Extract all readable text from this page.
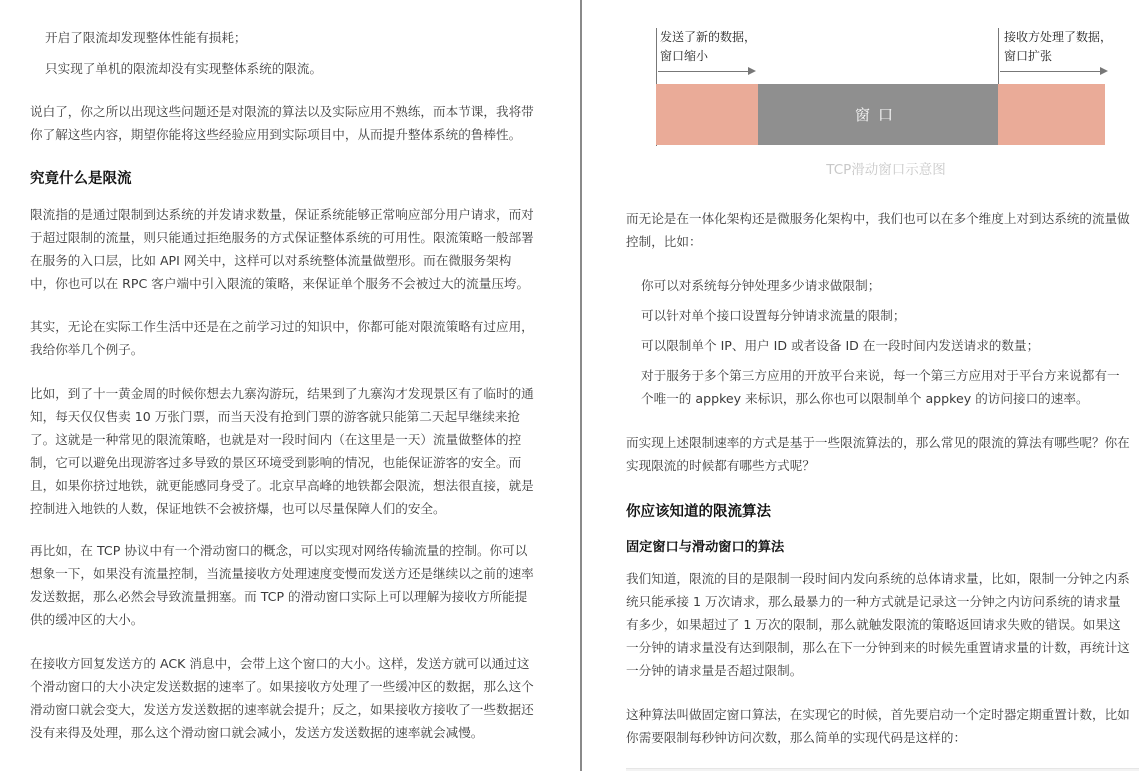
开启了限流却发现整体性能有损耗；
只实现了单机的限流却没有实现整体系统的限流。
说白了，你之所以出现这些问题还是对限流的算法以及实际应用不熟练，而本节课，我将带
你了解这些内容，期望你能将这些经验应用到实际项目中，从而提升整体系统的鲁棒性。
究竟什么是限流
限流指的是通过限制到达系统的并发请求数量，保证系统能够正常响应部分用户请求，而对
于超过限制的流量，则只能通过拒绝服务的方式保证整体系统的可用性。限流策略一般部署
在服务的入口层，比如 API 网关中，这样可以对系统整体流量做塑形。而在微服务架构
中，你也可以在 RPC 客户端中引入限流的策略，来保证单个服务不会被过大的流量压垮。
其实，无论在实际工作生活中还是在之前学习过的知识中，你都可能对限流策略有过应用，
我给你举几个例子。
比如，到了十一黄金周的时候你想去九寨沟游玩，结果到了九寨沟才发现景区有了临时的通
知，每天仅仅售卖 10 万张门票，而当天没有抢到门票的游客就只能第二天起早继续来抢
了。这就是一种常见的限流策略，也就是对一段时间内（在这里是一天）流量做整体的控
制，它可以避免出现游客过多导致的景区环境受到影响的情况，也能保证游客的安全。而
且，如果你挤过地铁，就更能感同身受了。北京早高峰的地铁都会限流，想法很直接，就是
控制进入地铁的人数，保证地铁不会被挤爆，也可以尽量保障人们的安全。
再比如，在 TCP 协议中有一个滑动窗口的概念，可以实现对网络传输流量的控制。你可以
想象一下，如果没有流量控制，当流量接收方处理速度变慢而发送方还是继续以之前的速率
发送数据，那么必然会导致流量拥塞。而 TCP 的滑动窗口实际上可以理解为接收方所能提
供的缓冲区的大小。
在接收方回复发送方的 ACK 消息中，会带上这个窗口的大小。这样，发送方就可以通过这
个滑动窗口的大小决定发送数据的速率了。如果接收方处理了一些缓冲区的数据，那么这个
滑动窗口就会变大，发送方发送数据的速率就会提升；反之，如果接收方接收了一些数据还
没有来得及处理，那么这个滑动窗口就会减小，发送方发送数据的速率就会减慢。
发送了新的数据，
窗口缩小
接收方处理了数据，
窗口扩张
窗口
TCP滑动窗口示意图
而无论是在一体化架构还是微服务化架构中，我们也可以在多个维度上对到达系统的流量做
控制，比如：
你可以对系统每分钟处理多少请求做限制；
可以针对单个接口设置每分钟请求流量的限制；
可以限制单个 IP、用户 ID 或者设备 ID 在一段时间内发送请求的数量；
对于服务于多个第三方应用的开放平台来说，每一个第三方应用对于平台方来说都有一
个唯一的 appkey 来标识，那么你也可以限制单个 appkey 的访问接口的速率。
而实现上述限制速率的方式是基于一些限流算法的，那么常见的限流的算法有哪些呢？你在
实现限流的时候都有哪些方式呢？
你应该知道的限流算法
固定窗口与滑动窗口的算法
我们知道，限流的目的是限制一段时间内发向系统的总体请求量，比如，限制一分钟之内系
统只能承接 1 万次请求，那么最暴力的一种方式就是记录这一分钟之内访问系统的请求量
有多少，如果超过了 1 万次的限制，那么就触发限流的策略返回请求失败的错误。如果这
一分钟的请求量没有达到限制，那么在下一分钟到来的时候先重置请求量的计数，再统计这
一分钟的请求量是否超过限制。
这种算法叫做固定窗口算法，在实现它的时候，首先要启动一个定时器定期重置计数，比如
你需要限制每秒钟访问次数，那么简单的实现代码是这样的：
